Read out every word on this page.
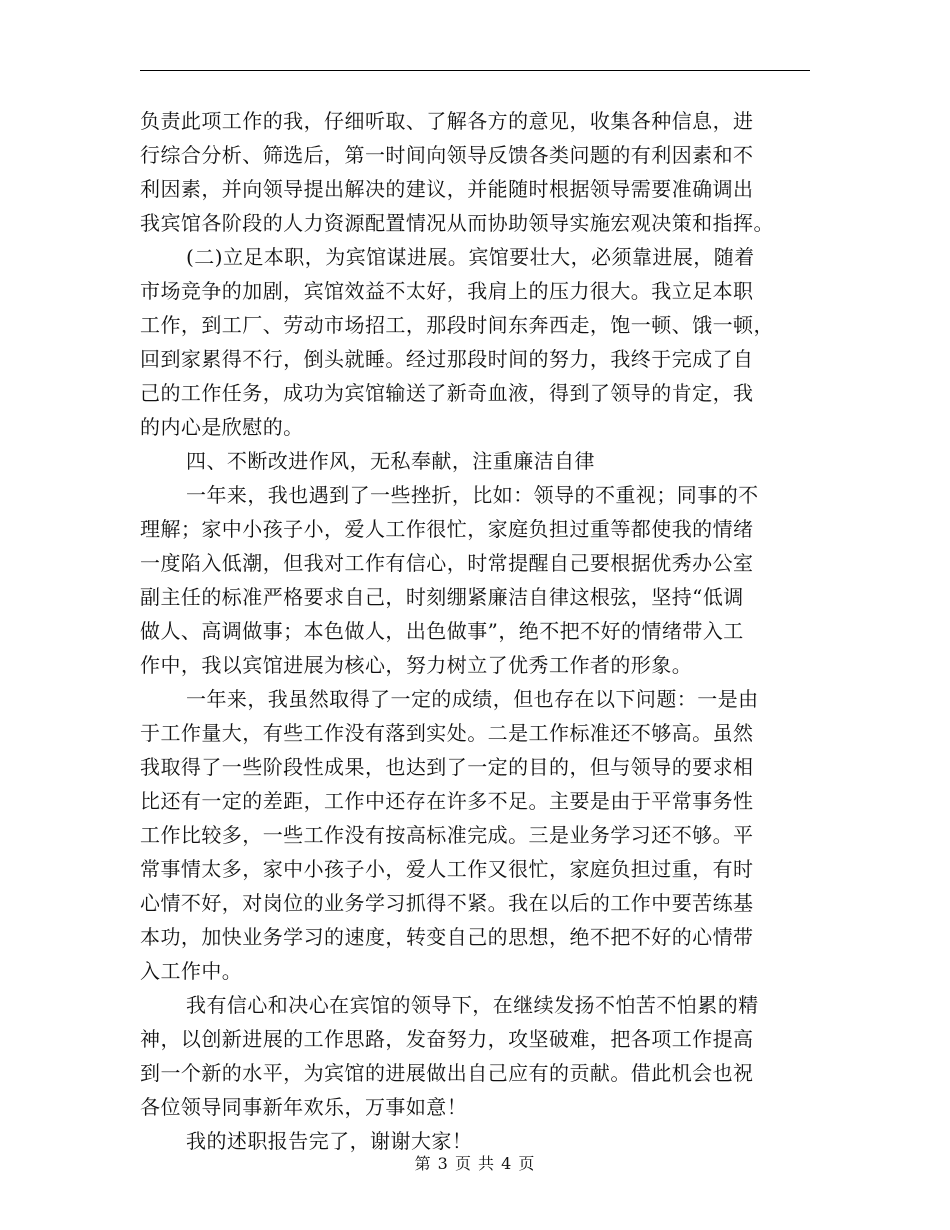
负责此项工作的我，仔细听取、了解各方的意见，收集各种信息，进
行综合分析、筛选后，第一时间向领导反馈各类问题的有利因素和不
利因素，并向领导提出解决的建议，并能随时根据领导需要准确调出
我宾馆各阶段的人力资源配置情况从而协助领导实施宏观决策和指挥。
(二)立足本职，为宾馆谋进展。宾馆要壮大，必须靠进展，随着
市场竞争的加剧，宾馆效益不太好，我肩上的压力很大。我立足本职
工作，到工厂、劳动市场招工，那段时间东奔西走，饱一顿、饿一顿，
回到家累得不行，倒头就睡。经过那段时间的努力，我终于完成了自
己的工作任务，成功为宾馆输送了新奇血液，得到了领导的肯定，我
的内心是欣慰的。
四、不断改进作风，无私奉献，注重廉洁自律
一年来，我也遇到了一些挫折，比如：领导的不重视；同事的不
理解；家中小孩子小，爱人工作很忙，家庭负担过重等都使我的情绪
一度陷入低潮，但我对工作有信心，时常提醒自己要根据优秀办公室
副主任的标准严格要求自己，时刻绷紧廉洁自律这根弦，坚持“低调
做人、高调做事；本色做人，出色做事”，绝不把不好的情绪带入工
作中，我以宾馆进展为核心，努力树立了优秀工作者的形象。
一年来，我虽然取得了一定的成绩，但也存在以下问题：一是由
于工作量大，有些工作没有落到实处。二是工作标准还不够高。虽然
我取得了一些阶段性成果，也达到了一定的目的，但与领导的要求相
比还有一定的差距，工作中还存在许多不足。主要是由于平常事务性
工作比较多，一些工作没有按高标准完成。三是业务学习还不够。平
常事情太多，家中小孩子小，爱人工作又很忙，家庭负担过重，有时
心情不好，对岗位的业务学习抓得不紧。我在以后的工作中要苦练基
本功，加快业务学习的速度，转变自己的思想，绝不把不好的心情带
入工作中。
我有信心和决心在宾馆的领导下，在继续发扬不怕苦不怕累的精
神，以创新进展的工作思路，发奋努力，攻坚破难，把各项工作提高
到一个新的水平，为宾馆的进展做出自己应有的贡献。借此机会也祝
各位领导同事新年欢乐，万事如意！
我的述职报告完了，谢谢大家！
第 3 页 共 4 页
